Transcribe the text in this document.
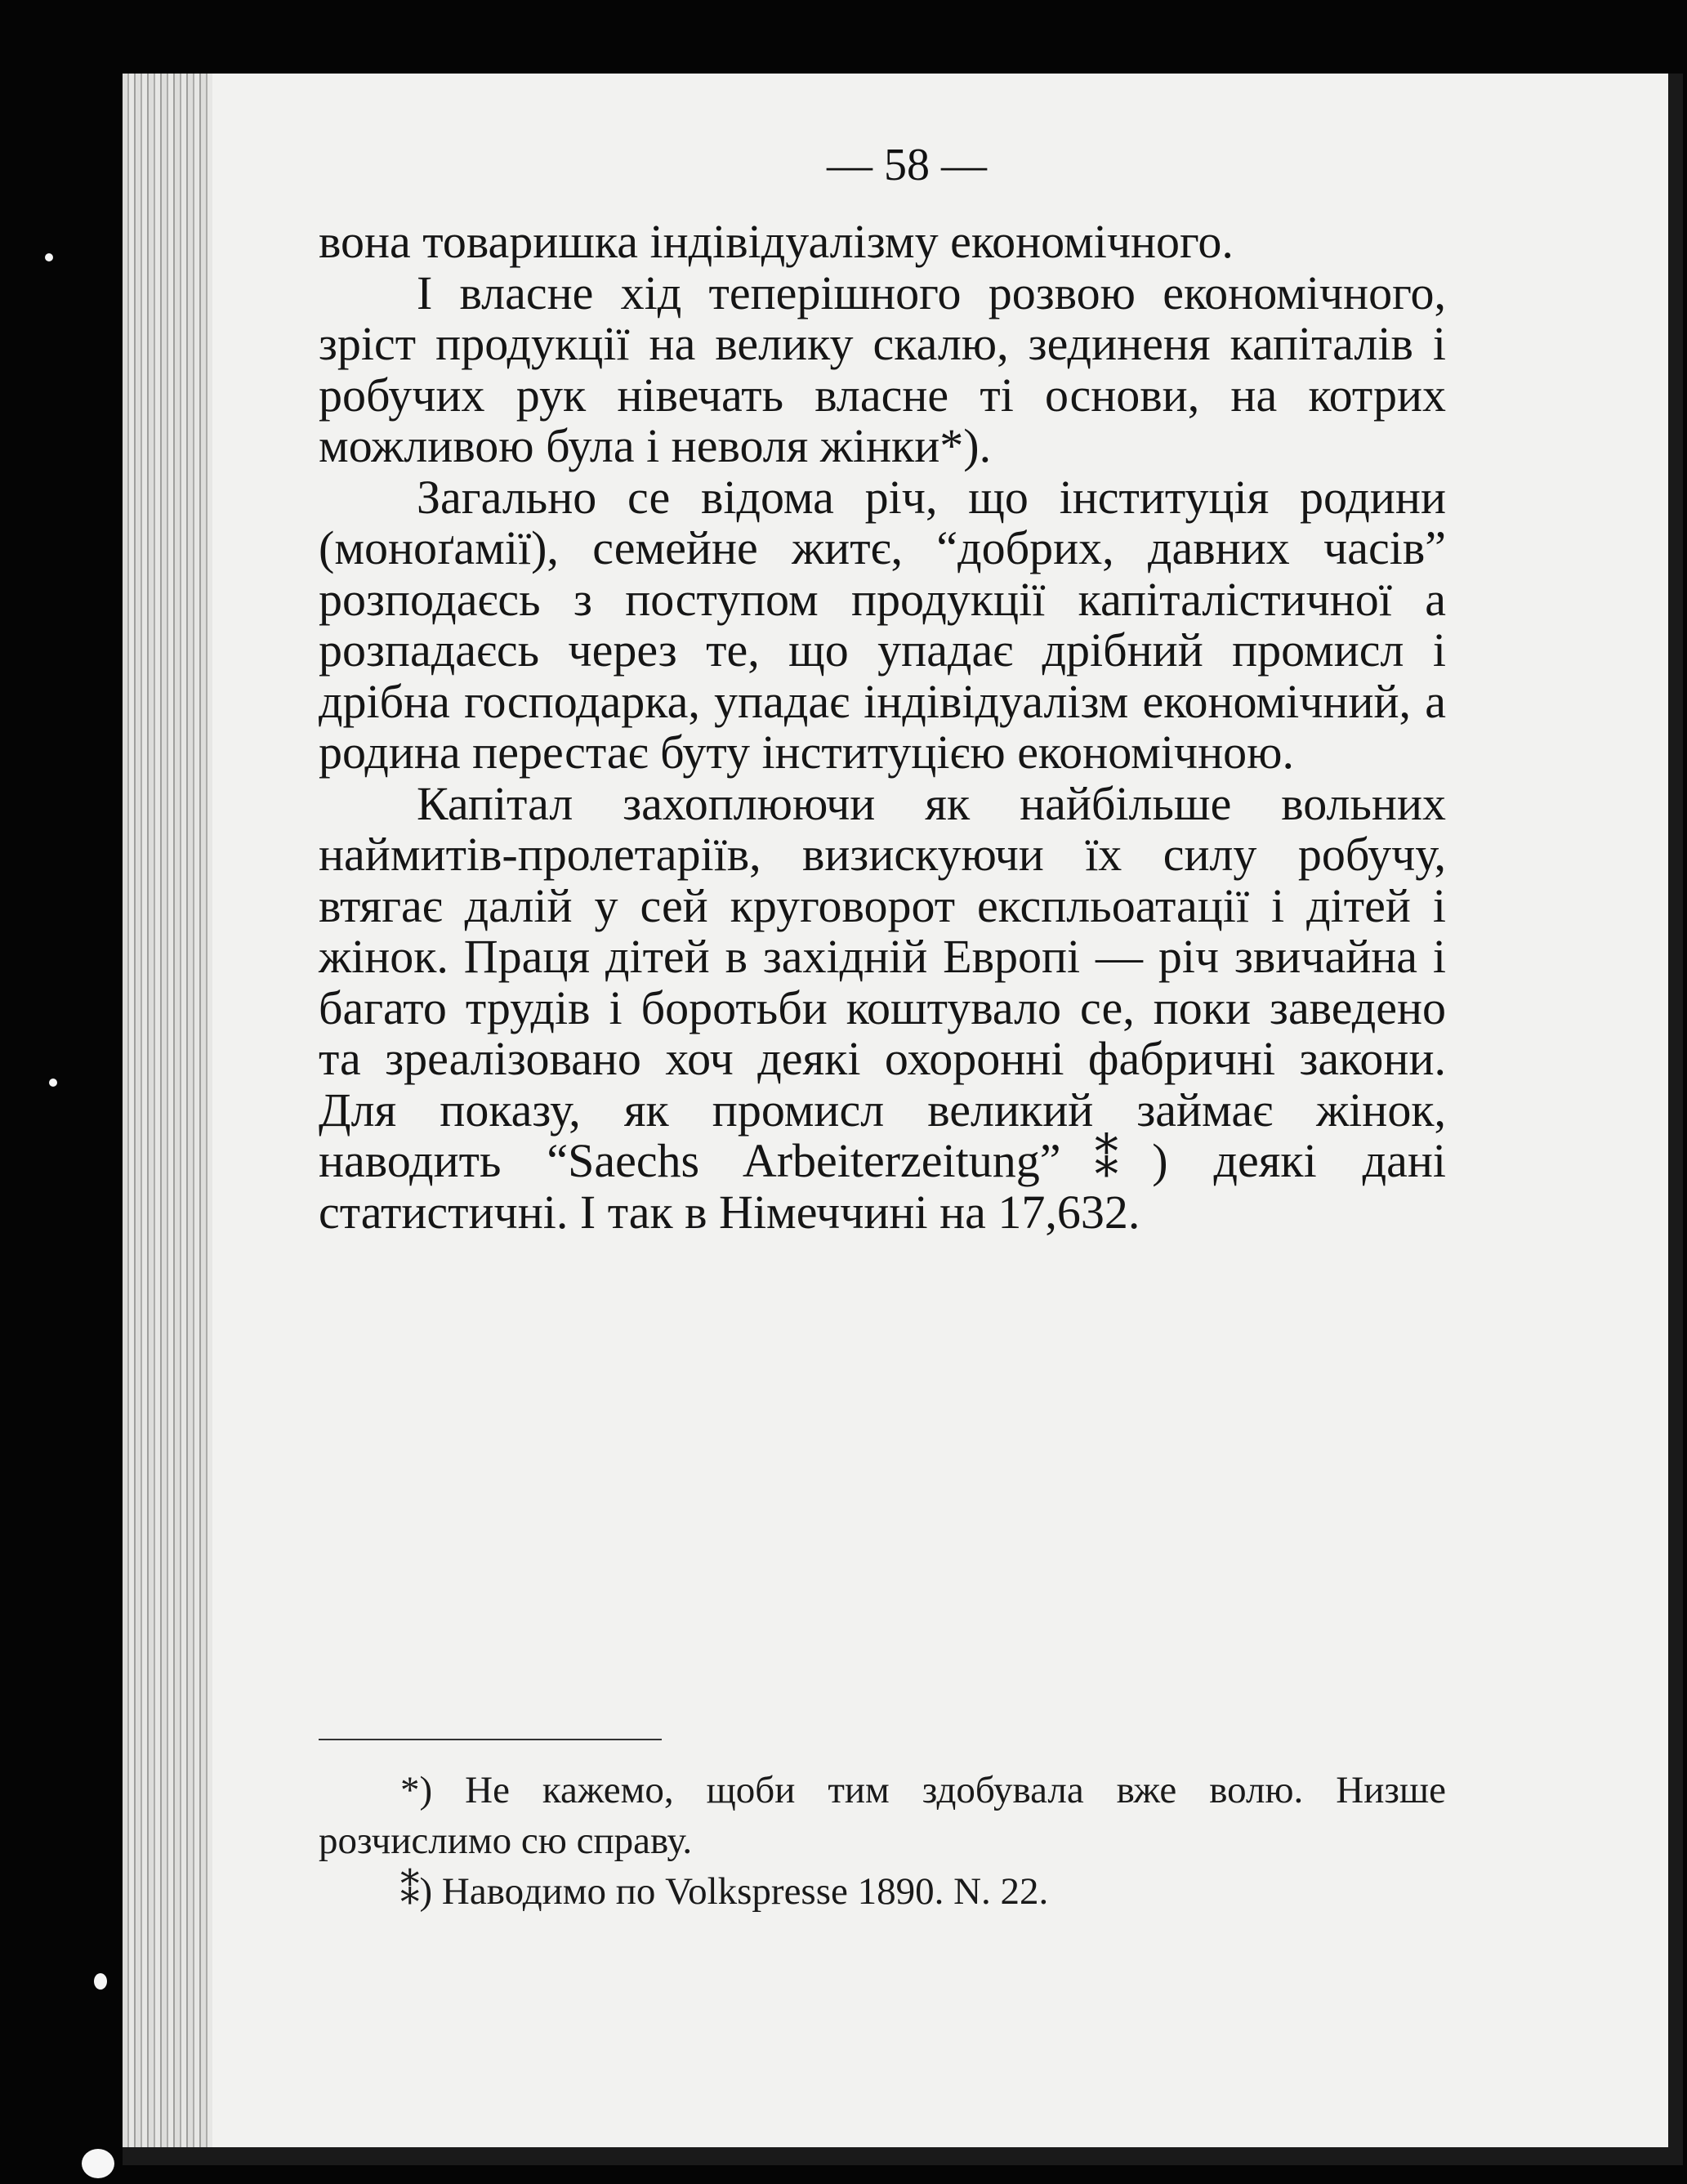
— 58 —

вона товаришка індівідуалізму економічного.

І власне хід теперішного розвою економічного, зріст продукції на велику скалю, зединеня капіталів і робучих рук нівечать власне ті основи, на котрих можливою була і неволя жінки*).

Загально се відома річ, що інституція родини (моноґамії), семейне житє, “добрих, давних часів” розподаєсь з поступом продукції капіталістичної а розпадаєсь через те, що упадає дрібний промисл і дрібна господарка, упадає індівідуалізм економічний, а родина перестає буту інституцією економічною.

Капітал захоплюючи як найбільше вольних наймитів-пролетаріїв, визискуючи їх силу робучу, втягає далій у сей круговорот експльоатації і дітей і жінок. Праця дітей в західній Европі — річ звичайна і багато трудів і боротьби коштувало се, поки заведено та зреалізовано хоч деякі охоронні фабричні закони. Для показу, як промисл великий займає жінок, наводить “Saechs Arbeiterzeitung”⁑) деякі дані статистичні. І так в Німеччині на 17,632.

*) Не кажемо, щоби тим здобувала вже волю. Низше розчислимо сю справу.

⁑) Наводимо по Volkspresse 1890. N. 22.
